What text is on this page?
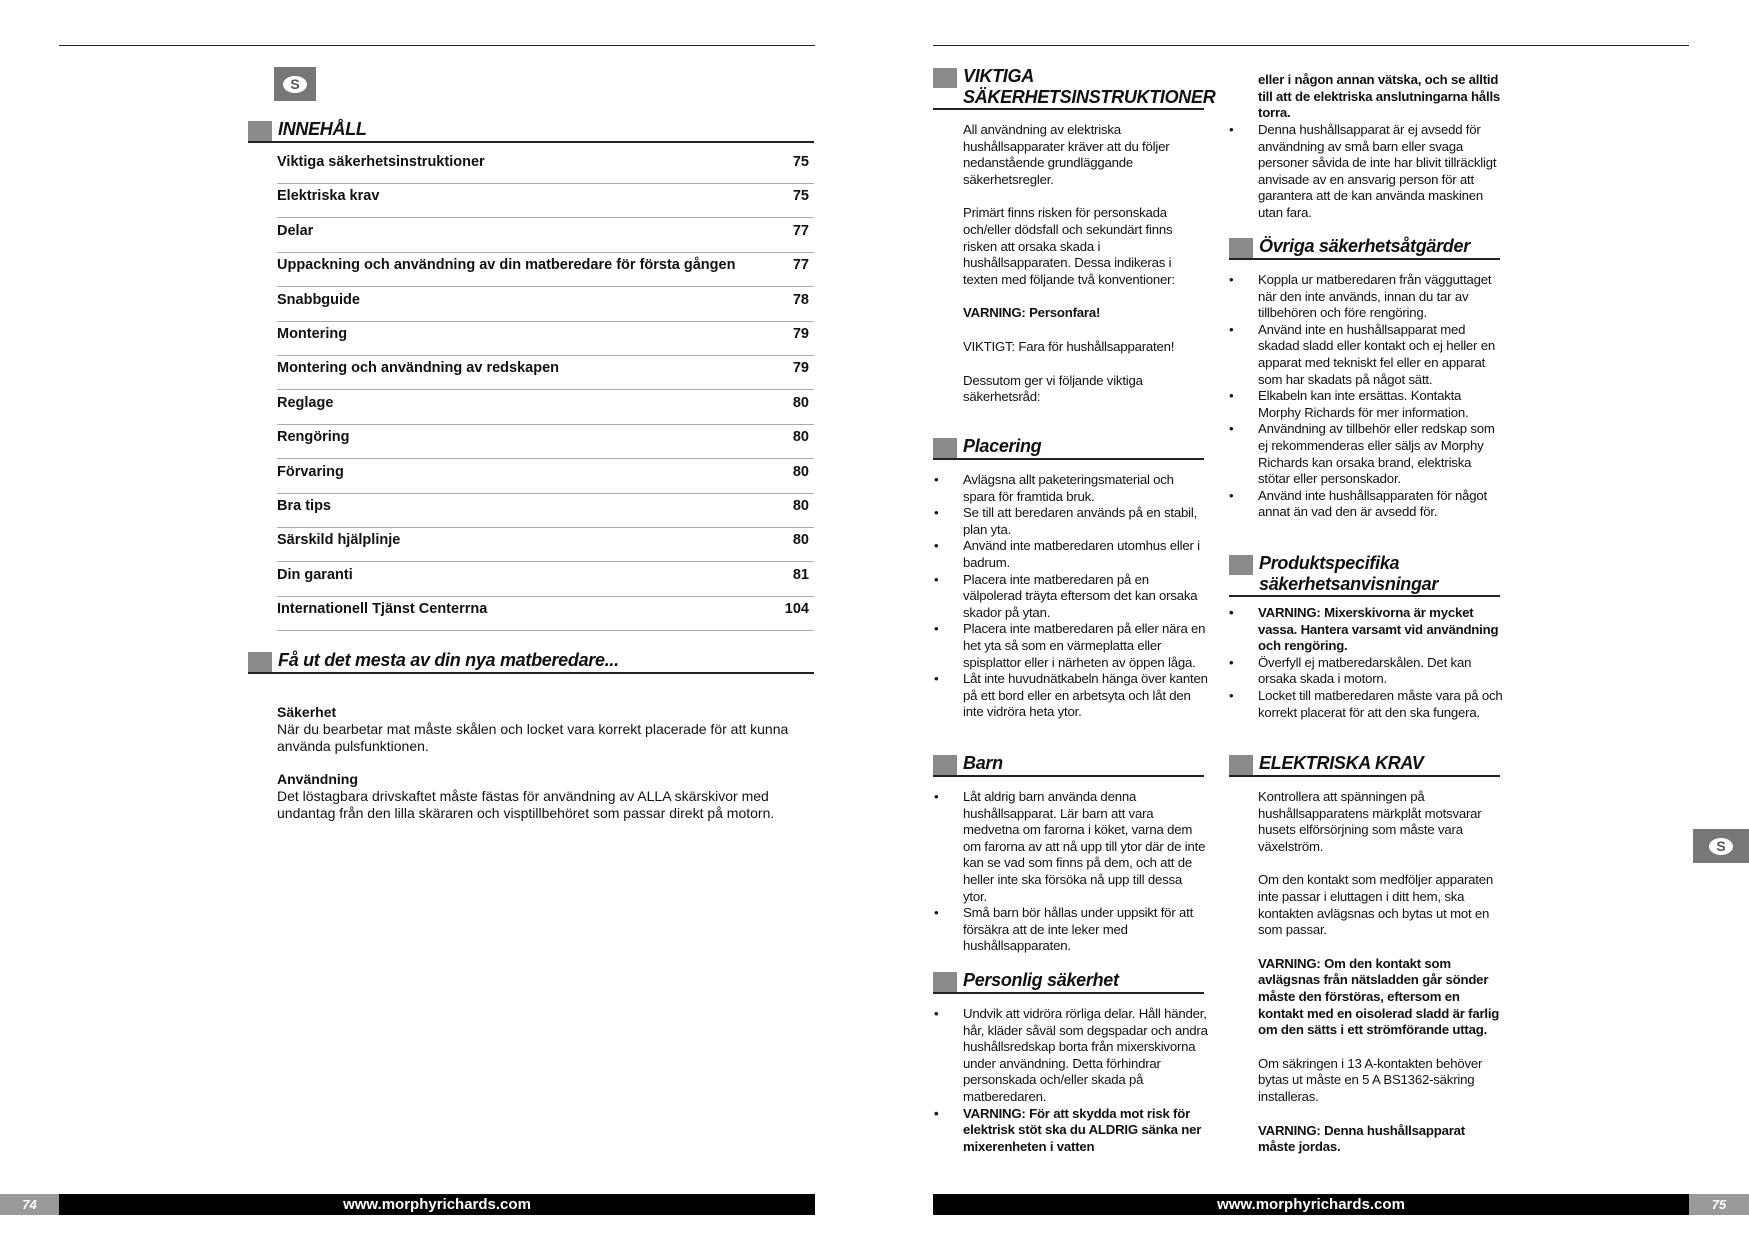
S
INNEHÅLL
Viktiga säkerhetsinstruktioner	75
Elektriska krav	75
Delar	77
Uppackning och användning av din matberedare för första gången	77
Snabbguide	78
Montering	79
Montering och användning av redskapen	79
Reglage	80
Rengöring	80
Förvaring	80
Bra tips	80
Särskild hjälplinje	80
Din garanti	81
Internationell Tjänst Centerrna	104
Få ut det mesta av din nya matberedare...

Säkerhet

När du bearbetar mat måste skålen och locket vara korrekt placerade för att kunna använda pulsfunktionen.

Användning

Det löstagbara drivskaftet måste fästas för användning av ALLA skärskivor med undantag från den lilla skäraren och visptillbehöret som passar direkt på motorn.

74	www.morphyrichards.com
VIKTIGA
SÄKERHETSINSTRUKTIONER

All användning av elektriska hushållsapparater kräver att du följer nedanstående grundläggande säkerhetsregler.

Primärt finns risken för personskada och/eller dödsfall och sekundärt finns risken att orsaka skada i hushållsapparaten. Dessa indikeras i texten med följande två konventioner:

VARNING: Personfara!

VIKTIGT: Fara för hushållsapparaten!

Dessutom ger vi följande viktiga säkerhetsråd:

Placering
• Avlägsna allt paketeringsmaterial och spara för framtida bruk.
• Se till att beredaren används på en stabil, plan yta.
• Använd inte matberedaren utomhus eller i badrum.
• Placera inte matberedaren på en välpolerad träyta eftersom det kan orsaka skador på ytan.
• Placera inte matberedaren på eller nära en het yta så som en värmeplatta eller spisplattor eller i närheten av öppen låga.
• Låt inte huvudnätkabeln hänga över kanten på ett bord eller en arbetsyta och låt den inte vidröra heta ytor.
Barn
• Låt aldrig barn använda denna hushållsapparat. Lär barn att vara medvetna om farorna i köket, varna dem om farorna av att nå upp till ytor där de inte kan se vad som finns på dem, och att de heller inte ska försöka nå upp till dessa ytor.
• Små barn bör hållas under uppsikt för att försäkra att de inte leker med hushållsapparaten.
Personlig säkerhet
• Undvik att vidröra rörliga delar. Håll händer, hår, kläder såväl som degspadar och andra hushållsredskap borta från mixerskivorna under användning. Detta förhindrar personskada och/eller skada på matberedaren.
• VARNING: För att skydda mot risk för elektrisk stöt ska du ALDRIG sänka ner mixerenheten i vatten

eller i någon annan vätska, och se alltid till att de elektriska anslutningarna hålls torra.

• Denna hushållsapparat är ej avsedd för användning av små barn eller svaga personer såvida de inte har blivit tillräckligt anvisade av en ansvarig person för att garantera att de kan använda maskinen utan fara.
Övriga säkerhetsåtgärder
• Koppla ur matberedaren från vägguttaget när den inte används, innan du tar av tillbehören och före rengöring.
• Använd inte en hushållsapparat med skadad sladd eller kontakt och ej heller en apparat med tekniskt fel eller en apparat som har skadats på något sätt.
• Elkabeln kan inte ersättas. Kontakta Morphy Richards för mer information.
• Användning av tillbehör eller redskap som ej rekommenderas eller säljs av Morphy Richards kan orsaka brand, elektriska stötar eller personskador.
• Använd inte hushållsapparaten för något annat än vad den är avsedd för.
Produktspecifika
säkerhetsanvisningar
• VARNING: Mixerskivorna är mycket vassa. Hantera varsamt vid användning och rengöring.
• Överfyll ej matberedarskålen. Det kan orsaka skada i motorn.
• Locket till matberedaren måste vara på och korrekt placerat för att den ska fungera.
ELEKTRISKA KRAV

Kontrollera att spänningen på hushållsapparatens märkplåt motsvarar husets elförsörjning som måste vara växelström.

Om den kontakt som medföljer apparaten inte passar i eluttagen i ditt hem, ska kontakten avlägsnas och bytas ut mot en som passar.

VARNING: Om den kontakt som avlägsnas från nätsladden går sönder måste den förstöras, eftersom en kontakt med en oisolerad sladd är farlig om den sätts i ett strömförande uttag.

Om säkringen i 13 A-kontakten behöver bytas ut måste en 5 A BS1362-säkring installeras.

VARNING: Denna hushållsapparat måste jordas.

S
www.morphyrichards.com	75
